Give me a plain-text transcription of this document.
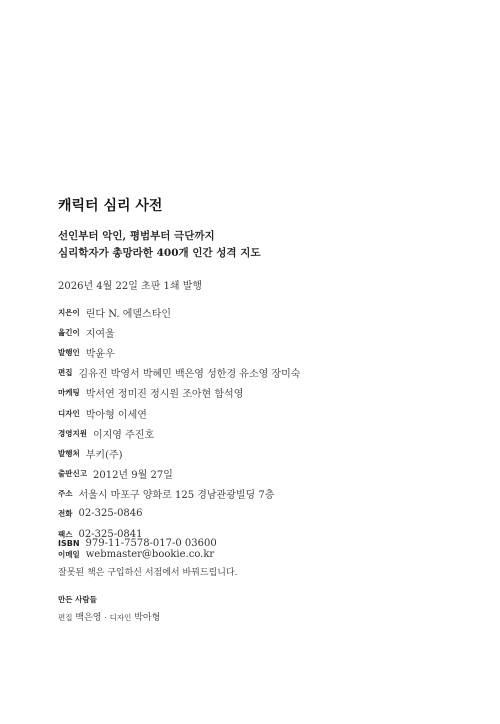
캐릭터 심리 사전
선인부터 악인, 평범부터 극단까지
심리학자가 총망라한 400개 인간 성격 지도
2026년 4월 22일 초판 1쇄 발행
지은이 린다 N. 에델스타인
옮긴이 지여울
발행인 박윤우
편집 김유진 박영서 박혜민 백은영 성한경 유소영 장미숙
마케팅 박서연 정미진 정시원 조아현 함석영
디자인 박아형 이세연
경영지원 이지영 주진호
발행처 부키(주)
출판신고 2012년 9월 27일
주소 서울시 마포구 양화로 125 경남관광빌딩 7층
전화 02-325-0846
팩스 02-325-0841
이메일 webmaster@bookie.co.kr
ISBN 979-11-7578-017-0 03600
잘못된 책은 구입하신 서점에서 바꿔드립니다.
만든 사람들
편집 백은영 · 디자인 박아형
